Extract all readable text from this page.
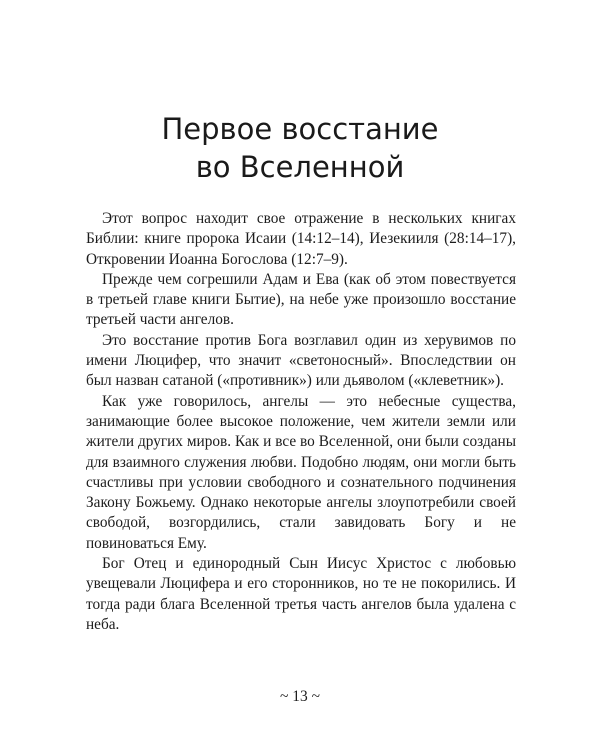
Первое восстание
во Вселенной

Этот вопрос находит свое отражение в нескольких книгах Библии: книге пророка Исаии (14:12–14), Иезекииля (28:14–17), Откровении Иоанна Богослова (12:7–9).

Прежде чем согрешили Адам и Ева (как об этом повествуется в третьей главе книги Бытие), на небе уже произошло восстание третьей части ангелов.

Это восстание против Бога возглавил один из херувимов по имени Люцифер, что значит «светоносный». Впоследствии он был назван сатаной («противник») или дьяволом («клеветник»).

Как уже говорилось, ангелы — это небесные существа, занимающие более высокое положение, чем жители земли или жители других миров. Как и все во Вселенной, они были созданы для взаимного служения любви. Подобно людям, они могли быть счастливы при условии свободного и сознательного подчинения Закону Божьему. Однако некоторые ангелы злоупотребили своей свободой, возгордились, стали завидовать Богу и не повиноваться Ему.

Бог Отец и единородный Сын Иисус Христос с любовью увещевали Люцифера и его сторонников, но те не покорились. И тогда ради блага Вселенной третья часть ангелов была удалена с неба.

~ 13 ~
